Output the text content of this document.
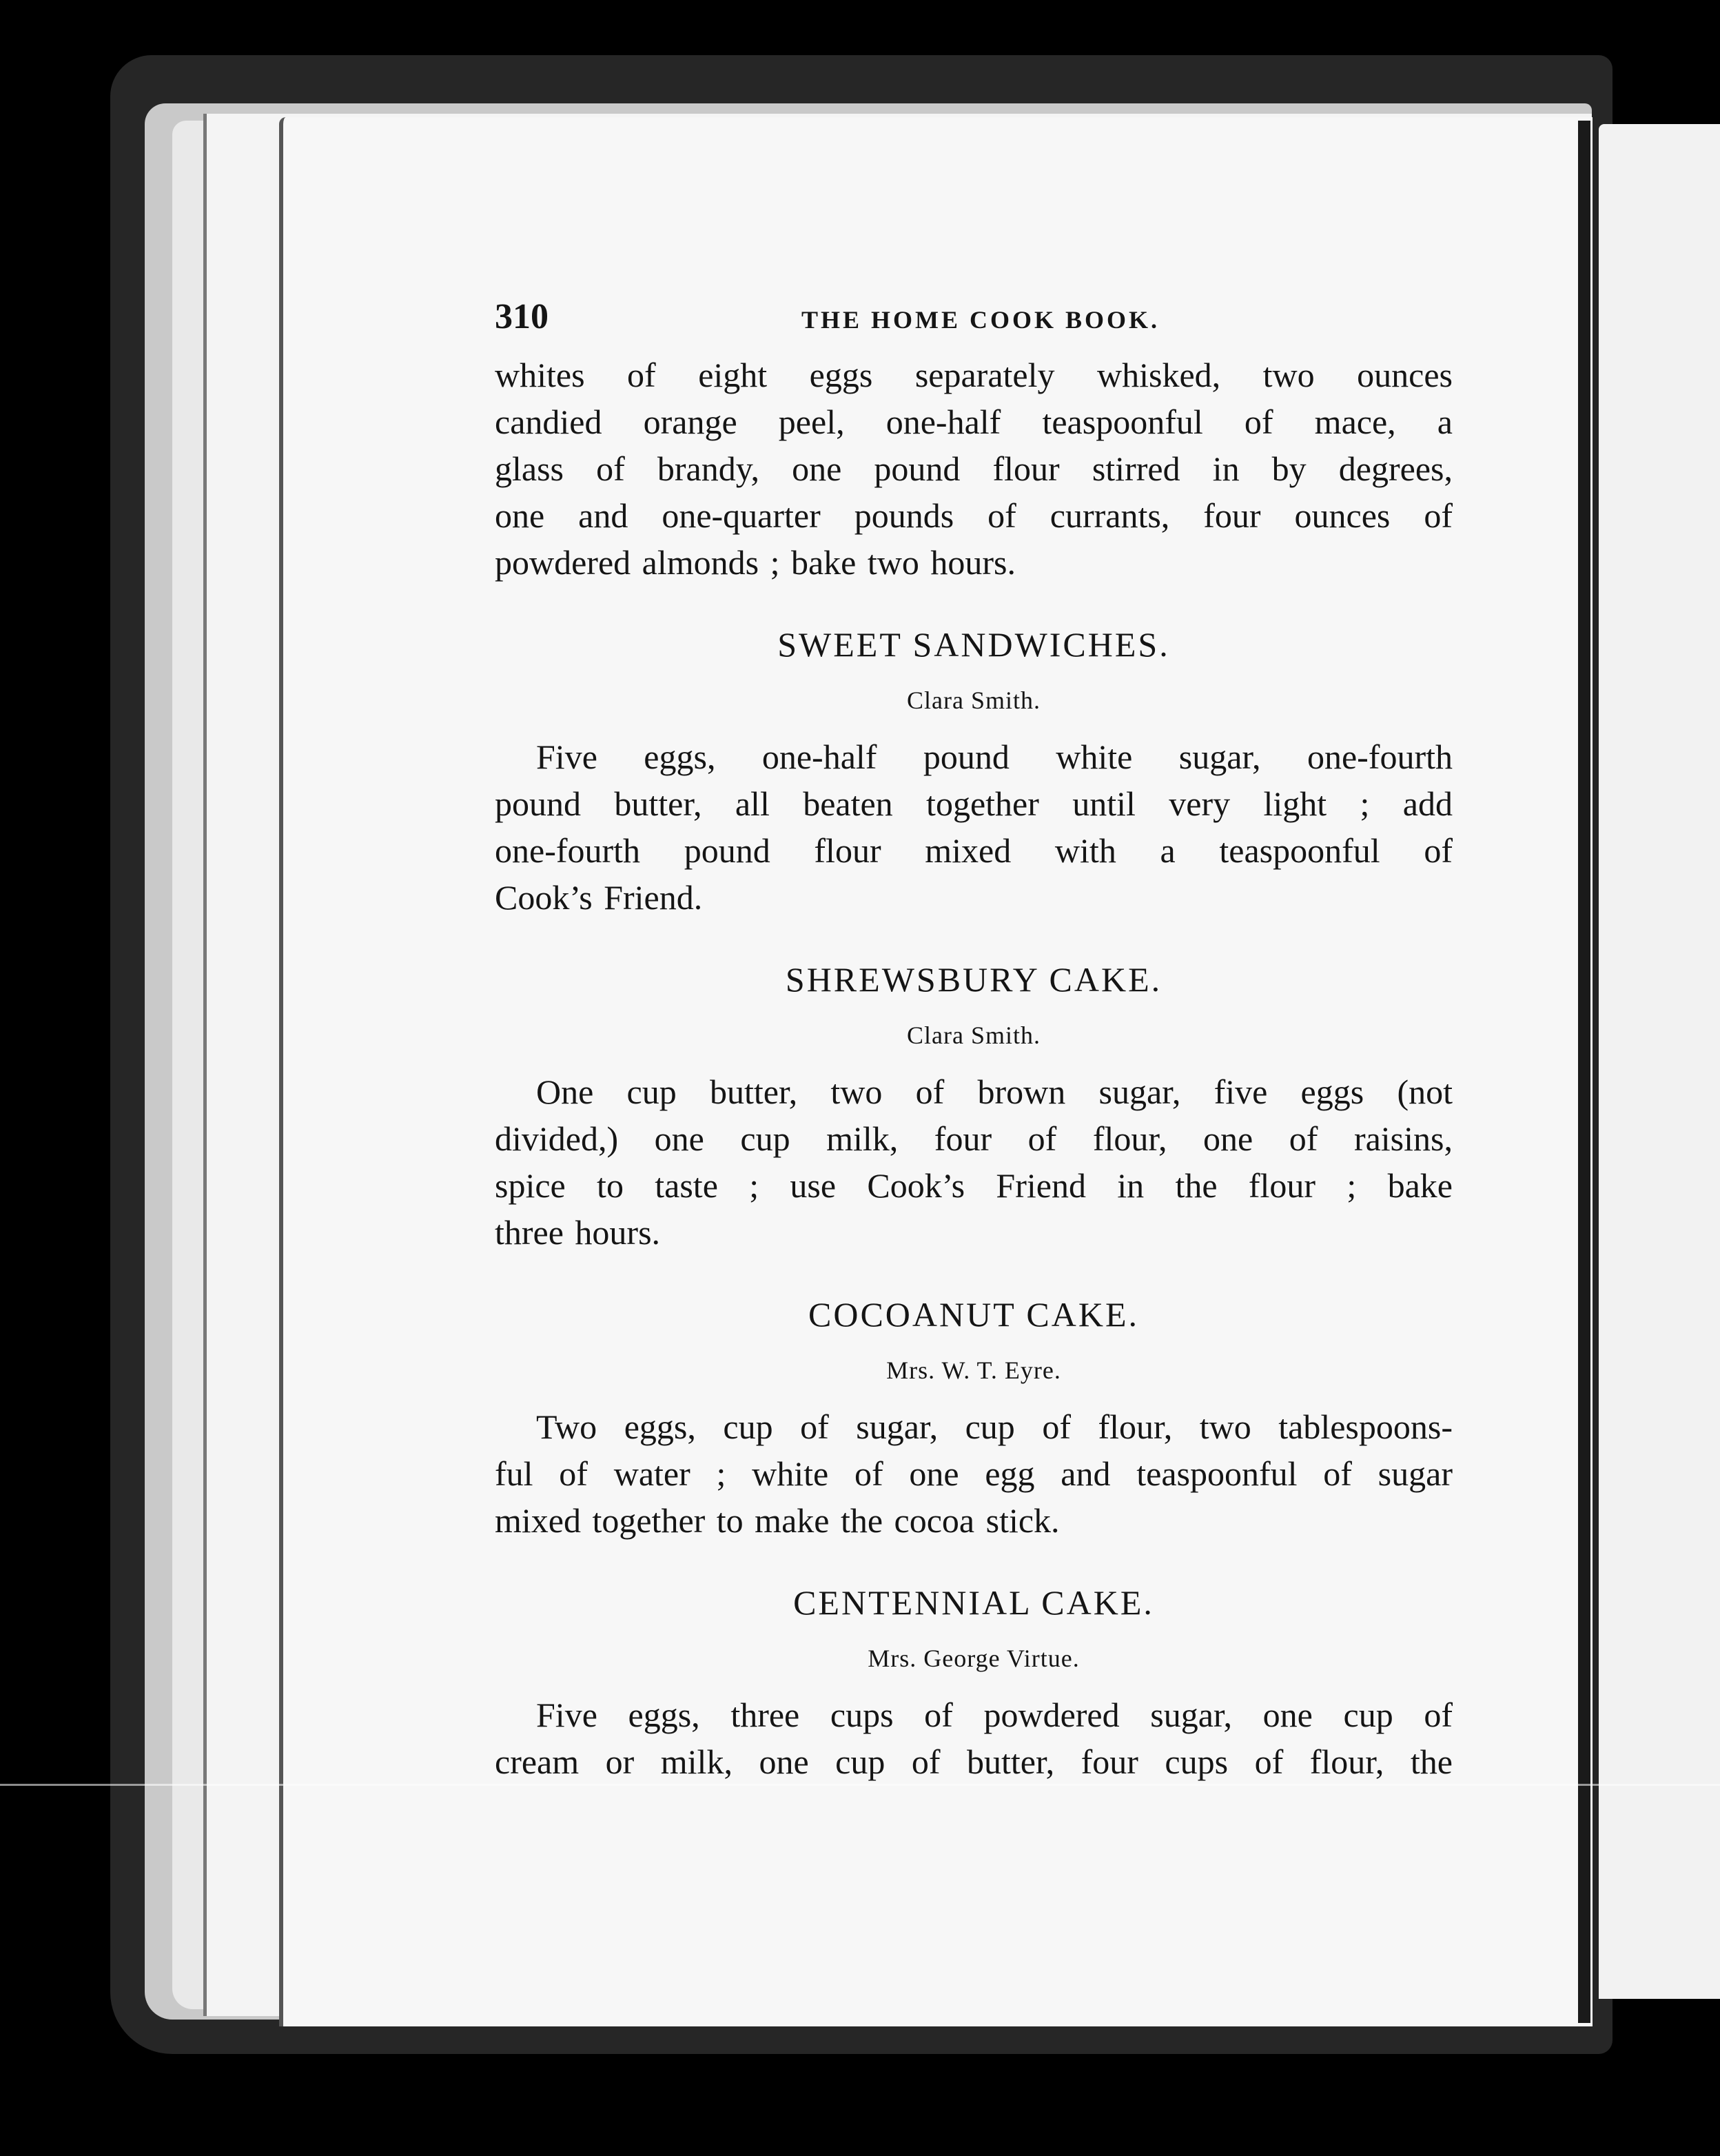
310	THE HOME COOK BOOK.

whites of eight eggs separately whisked, two ounces
candied orange peel, one-half teaspoonful of mace, a
glass of brandy, one pound flour stirred in by degrees,
one and one-quarter pounds of currants, four ounces of
powdered almonds ; bake two hours.

SWEET SANDWICHES.
Clara Smith.

Five eggs, one-half pound white sugar, one-fourth
pound butter, all beaten together until very light ; add
one-fourth pound flour mixed with a teaspoonful of
Cook’s Friend.

SHREWSBURY CAKE.
Clara Smith.

One cup butter, two of brown sugar, five eggs (not
divided,) one cup milk, four of flour, one of raisins,
spice to taste ; use Cook’s Friend in the flour ; bake
three hours.

COCOANUT CAKE.
Mrs. W. T. Eyre.

Two eggs, cup of sugar, cup of flour, two tablespoons-
ful of water ; white of one egg and teaspoonful of sugar
mixed together to make the cocoa stick.

CENTENNIAL CAKE.
Mrs. George Virtue.

Five eggs, three cups of powdered sugar, one cup of
cream or milk, one cup of butter, four cups of flour, the
